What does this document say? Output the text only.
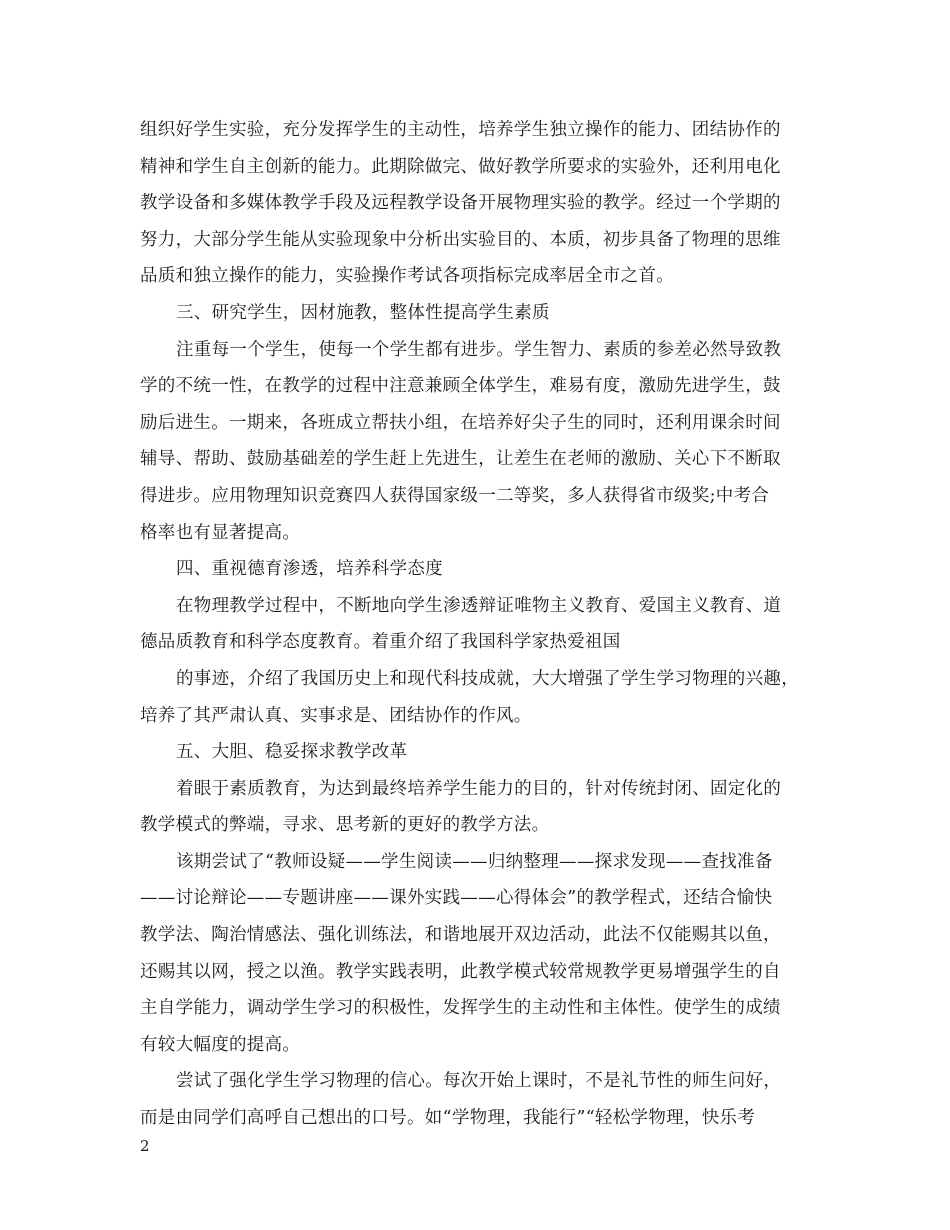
组织好学生实验，充分发挥学生的主动性，培养学生独立操作的能力、团结协作的
精神和学生自主创新的能力。此期除做完、做好教学所要求的实验外，还利用电化
教学设备和多媒体教学手段及远程教学设备开展物理实验的教学。经过一个学期的
努力，大部分学生能从实验现象中分析出实验目的、本质，初步具备了物理的思维
品质和独立操作的能力，实验操作考试各项指标完成率居全市之首。
三、研究学生，因材施教，整体性提高学生素质
注重每一个学生，使每一个学生都有进步。学生智力、素质的参差必然导致教
学的不统一性，在教学的过程中注意兼顾全体学生，难易有度，激励先进学生，鼓
励后进生。一期来，各班成立帮扶小组，在培养好尖子生的同时，还利用课余时间
辅导、帮助、鼓励基础差的学生赶上先进生，让差生在老师的激励、关心下不断取
得进步。应用物理知识竞赛四人获得国家级一二等奖，多人获得省市级奖;中考合
格率也有显著提高。
四、重视德育渗透，培养科学态度
在物理教学过程中，不断地向学生渗透辩证唯物主义教育、爱国主义教育、道
德品质教育和科学态度教育。着重介绍了我国科学家热爱祖国
的事迹，介绍了我国历史上和现代科技成就，大大增强了学生学习物理的兴趣，
培养了其严肃认真、实事求是、团结协作的作风。
五、大胆、稳妥探求教学改革
着眼于素质教育，为达到最终培养学生能力的目的，针对传统封闭、固定化的
教学模式的弊端，寻求、思考新的更好的教学方法。
该期尝试了“教师设疑——学生阅读——归纳整理——探求发现——查找准备
——讨论辩论——专题讲座——课外实践——心得体会”的教学程式，还结合愉快
教学法、陶治情感法、强化训练法，和谐地展开双边活动，此法不仅能赐其以鱼，
还赐其以网，授之以渔。教学实践表明，此教学模式较常规教学更易增强学生的自
主自学能力，调动学生学习的积极性，发挥学生的主动性和主体性。使学生的成绩
有较大幅度的提高。
尝试了强化学生学习物理的信心。每次开始上课时，不是礼节性的师生问好，
而是由同学们高呼自己想出的口号。如“学物理，我能行”“轻松学物理，快乐考
2
